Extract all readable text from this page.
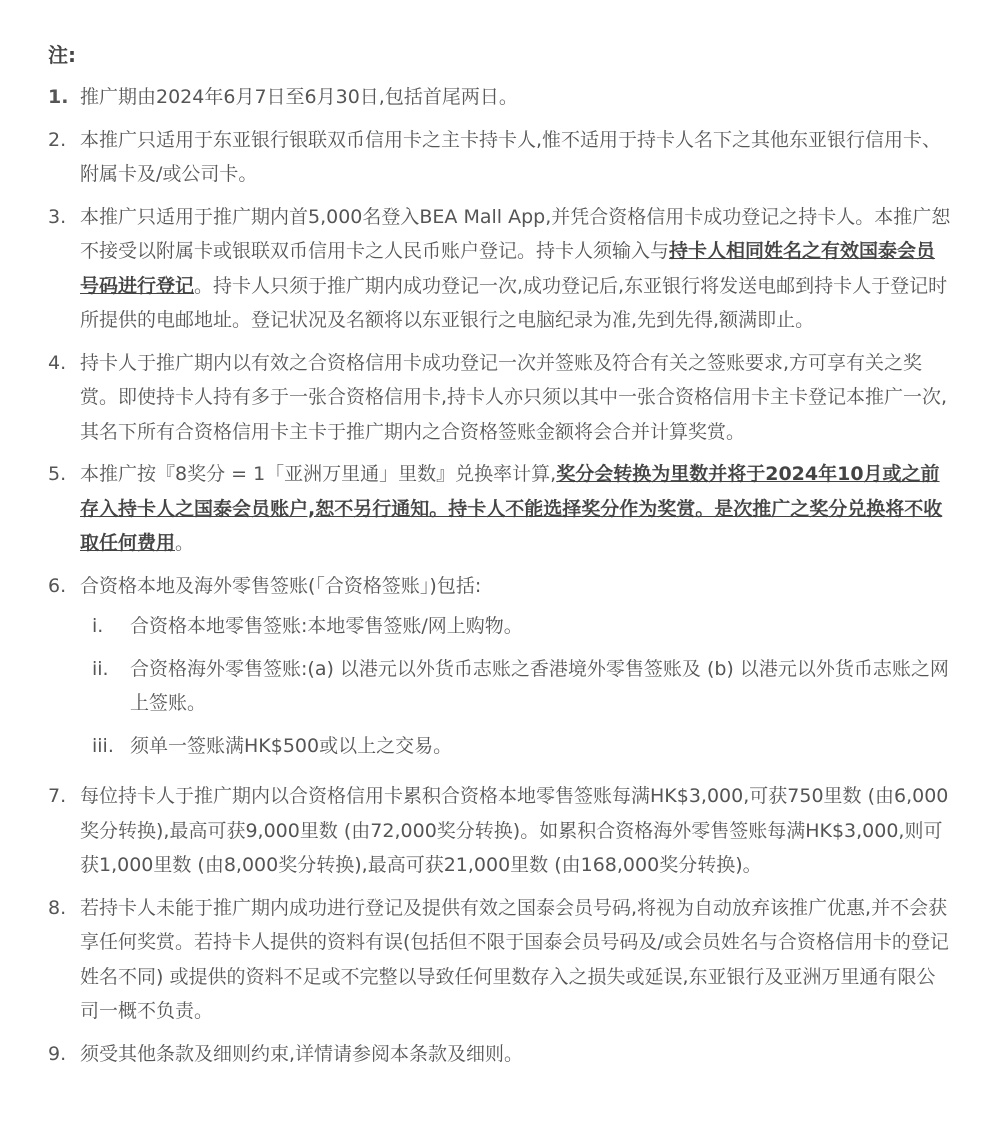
注:
1. 推广期由2024年6月7日至6月30日,包括首尾两日。
2. 本推广只适用于东亚银行银联双币信用卡之主卡持卡人,惟不适用于持卡人名下之其他东亚银行信用卡、附属卡及/或公司卡。
3. 本推广只适用于推广期内首5,000名登入BEA Mall App,并凭合资格信用卡成功登记之持卡人。本推广恕不接受以附属卡或银联双币信用卡之人民币账户登记。持卡人须输入与持卡人相同姓名之有效国泰会员号码进行登记。持卡人只须于推广期内成功登记一次,成功登记后,东亚银行将发送电邮到持卡人于登记时所提供的电邮地址。登记状况及名额将以东亚银行之电脑纪录为准,先到先得,额满即止。
4. 持卡人于推广期内以有效之合资格信用卡成功登记一次并签账及符合有关之签账要求,方可享有关之奖赏。即使持卡人持有多于一张合资格信用卡,持卡人亦只须以其中一张合资格信用卡主卡登记本推广一次,其名下所有合资格信用卡主卡于推广期内之合资格签账金额将会合并计算奖赏。
5. 本推广按『8奖分 = 1「亚洲万里通」里数』兑换率计算,奖分会转换为里数并将于2024年10月或之前存入持卡人之国泰会员账户,恕不另行通知。持卡人不能选择奖分作为奖赏。是次推广之奖分兑换将不收取任何费用。
6. 合资格本地及海外零售签账(「合资格签账」)包括:
i.	合资格本地零售签账:本地零售签账/网上购物。
ii.	合资格海外零售签账:(a) 以港元以外货币志账之香港境外零售签账及 (b) 以港元以外货币志账之网上签账。
iii. 须单一签账满HK$500或以上之交易。
7. 每位持卡人于推广期内以合资格信用卡累积合资格本地零售签账每满HK$3,000,可获750里数 (由6,000奖分转换),最高可获9,000里数 (由72,000奖分转换)。如累积合资格海外零售签账每满HK$3,000,则可获1,000里数 (由8,000奖分转换),最高可获21,000里数 (由168,000奖分转换)。
8. 若持卡人未能于推广期内成功进行登记及提供有效之国泰会员号码,将视为自动放弃该推广优惠,并不会获享任何奖赏。若持卡人提供的资料有误(包括但不限于国泰会员号码及/或会员姓名与合资格信用卡的登记姓名不同) 或提供的资料不足或不完整以导致任何里数存入之损失或延误,东亚银行及亚洲万里通有限公司一概不负责。
9. 须受其他条款及细则约束,详情请参阅本条款及细则。
